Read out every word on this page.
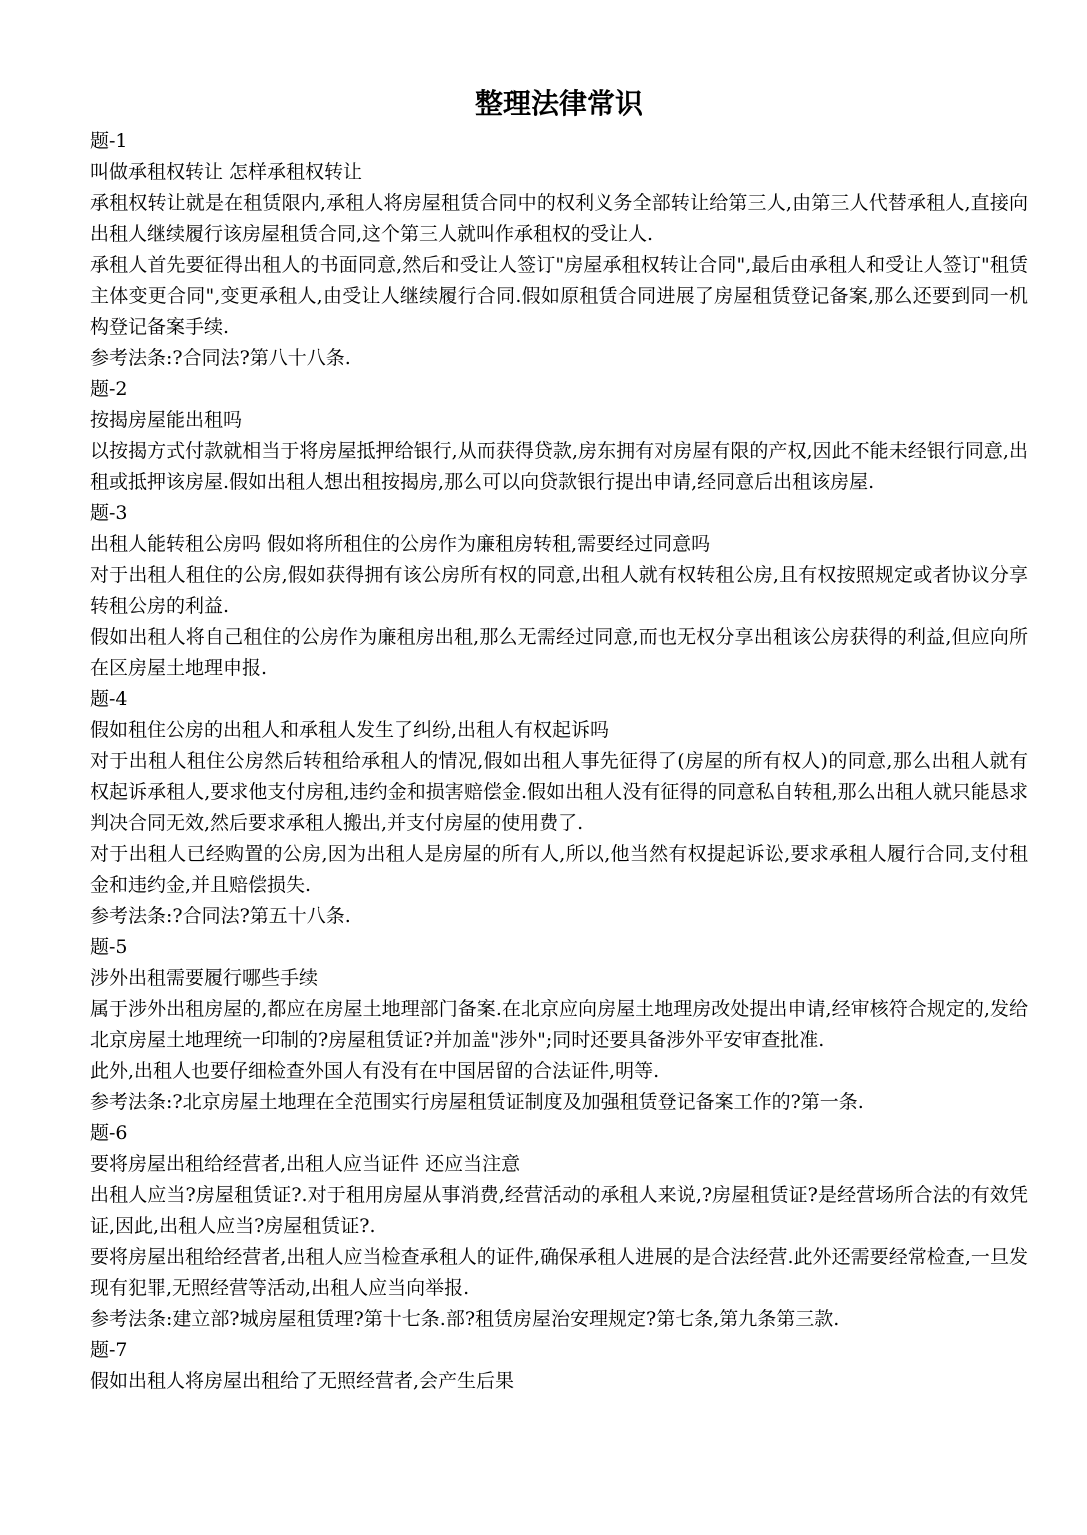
整理法律常识
题-1
叫做承租权转让 怎样承租权转让
承租权转让就是在租赁限内,承租人将房屋租赁合同中的权利义务全部转让给第三人,由第三人代替承租人,直接向出租人继续履行该房屋租赁合同,这个第三人就叫作承租权的受让人.
承租人首先要征得出租人的书面同意,然后和受让人签订"房屋承租权转让合同",最后由承租人和受让人签订"租赁主体变更合同",变更承租人,由受让人继续履行合同.假如原租赁合同进展了房屋租赁登记备案,那么还要到同一机构登记备案手续.
参考法条:?合同法?第八十八条.
题-2
按揭房屋能出租吗
以按揭方式付款就相当于将房屋抵押给银行,从而获得贷款,房东拥有对房屋有限的产权,因此不能未经银行同意,出租或抵押该房屋.假如出租人想出租按揭房,那么可以向贷款银行提出申请,经同意后出租该房屋.
题-3
出租人能转租公房吗 假如将所租住的公房作为廉租房转租,需要经过同意吗
对于出租人租住的公房,假如获得拥有该公房所有权的同意,出租人就有权转租公房,且有权按照规定或者协议分享转租公房的利益.
假如出租人将自己租住的公房作为廉租房出租,那么无需经过同意,而也无权分享出租该公房获得的利益,但应向所在区房屋土地理申报.
题-4
假如租住公房的出租人和承租人发生了纠纷,出租人有权起诉吗
对于出租人租住公房然后转租给承租人的情况,假如出租人事先征得了(房屋的所有权人)的同意,那么出租人就有权起诉承租人,要求他支付房租,违约金和损害赔偿金.假如出租人没有征得的同意私自转租,那么出租人就只能恳求判决合同无效,然后要求承租人搬出,并支付房屋的使用费了.
对于出租人已经购置的公房,因为出租人是房屋的所有人,所以,他当然有权提起诉讼,要求承租人履行合同,支付租金和违约金,并且赔偿损失.
参考法条:?合同法?第五十八条.
题-5
涉外出租需要履行哪些手续
属于涉外出租房屋的,都应在房屋土地理部门备案.在北京应向房屋土地理房改处提出申请,经审核符合规定的,发给北京房屋土地理统一印制的?房屋租赁证?并加盖"涉外";同时还要具备涉外平安审查批准.
此外,出租人也要仔细检查外国人有没有在中国居留的合法证件,明等.
参考法条:?北京房屋土地理在全范围实行房屋租赁证制度及加强租赁登记备案工作的?第一条.
题-6
要将房屋出租给经营者,出租人应当证件 还应当注意
出租人应当?房屋租赁证?.对于租用房屋从事消费,经营活动的承租人来说,?房屋租赁证?是经营场所合法的有效凭证,因此,出租人应当?房屋租赁证?.
要将房屋出租给经营者,出租人应当检查承租人的证件,确保承租人进展的是合法经营.此外还需要经常检查,一旦发现有犯罪,无照经营等活动,出租人应当向举报.
参考法条:建立部?城房屋租赁理?第十七条.部?租赁房屋治安理规定?第七条,第九条第三款.
题-7
假如出租人将房屋出租给了无照经营者,会产生后果
